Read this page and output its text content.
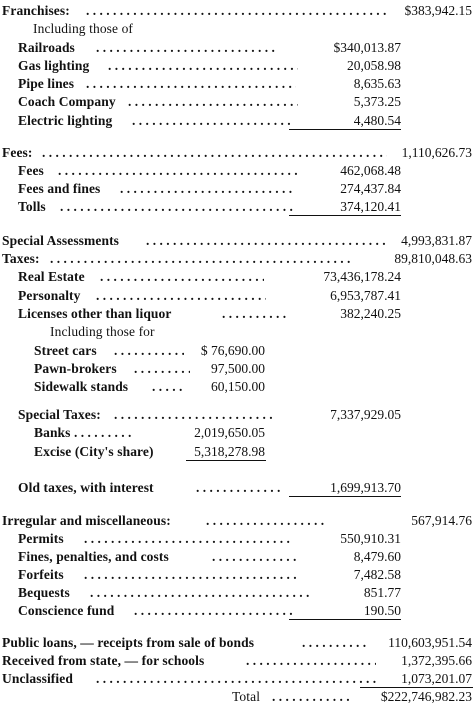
Franchises: . . .	$383,942.15
Including those of
Railroads . . .	$340,013.87
Gas lighting . . .	20,058.98
Pipe lines . . .	8,635.63
Coach Company . . .	5,373.25
Electric lighting . . .	4,480.54
Fees: . . .	1,110,626.73
Fees . . .	462,068.48
Fees and fines . . .	274,437.84
Tolls . . .	374,120.41
Special Assessments . . .	4,993,831.87
Taxes: . . .	89,810,048.63
Real Estate . . .	73,436,178.24
Personalty . . .	6,953,787.41
Licenses other than liquor . . .	382,240.25
Including those for
Street cars . . .	$ 76,690.00
Pawn-brokers . . .	97,500.00
Sidewalk stands . . .	60,150.00
Special Taxes: . . .	7,337,929.05
Banks . . .	2,019,650.05
Excise (City's share)	5,318,278.98
Old taxes, with interest . . .	1,699,913.70
Irregular and miscellaneous: . . .	567,914.76
Permits . . .	550,910.31
Fines, penalties, and costs . . .	8,479.60
Forfeits . . .	7,482.58
Bequests . . .	851.77
Conscience fund . . .	190.50
Public loans, — receipts from sale of bonds . . .	110,603,951.54
Received from state, — for schools . . .	1,372,395.66
Unclassified . . .	1,073,201.07
Total . . .	$222,746,982.23
